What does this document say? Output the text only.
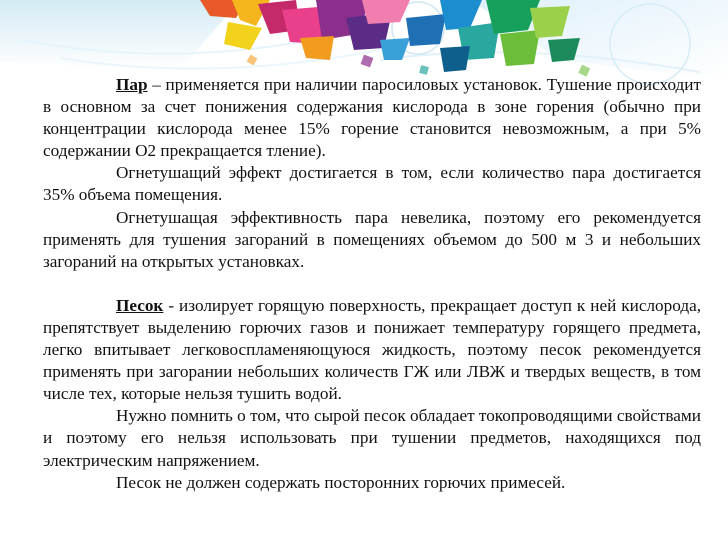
Пар – применяется при наличии паросиловых установок. Тушение происходит в основном за счет понижения содержания кислорода в зоне горения (обычно при концентрации кислорода менее 15% горение становится невозможным, а при 5% содержании О2 прекращается тление).

Огнетушащий эффект достигается в том, если количество пара достигается 35% объема помещения.

Огнетушащая эффективность пара невелика, поэтому его рекомендуется применять для тушения загораний в помещениях объемом до 500 м 3 и небольших загораний на открытых установках.

Песок - изолирует горящую поверхность, прекращает доступ к ней кислорода, препятствует выделению горючих газов и понижает температуру горящего предмета, легко впитывает легковоспламеняющуюся жидкость, поэтому песок рекомендуется применять при загорании небольших количеств ГЖ или ЛВЖ и твердых веществ, в том числе тех, которые нельзя тушить водой.

Нужно помнить о том, что сырой песок обладает токопроводящими свойствами и поэтому его нельзя использовать при тушении предметов, находящихся под электрическим напряжением.

Песок не должен содержать посторонних горючих примесей.
